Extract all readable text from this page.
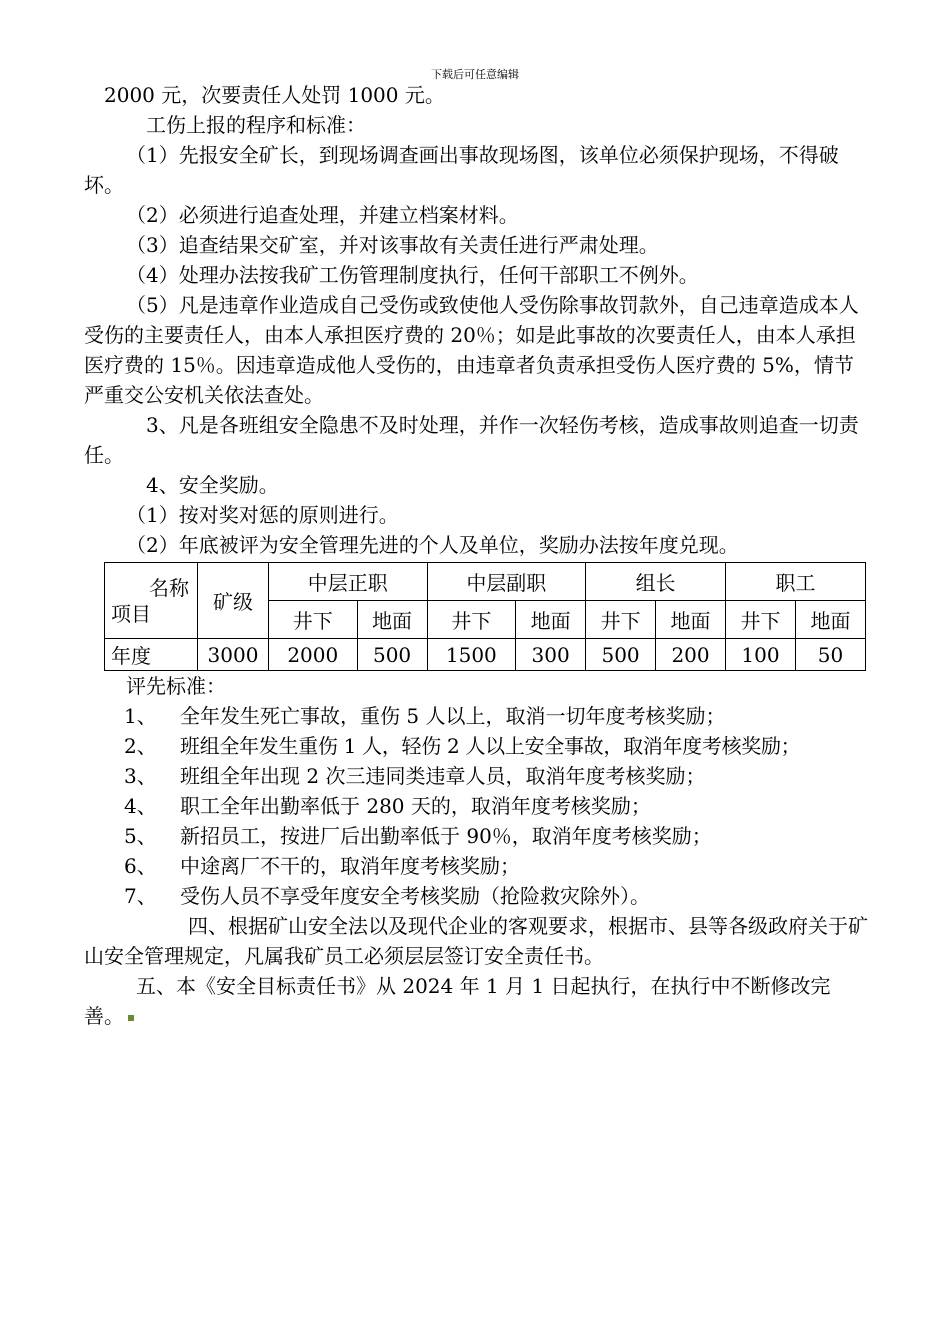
下载后可任意编辑

2000 元，次要责任人处罚 1000 元。

工伤上报的程序和标准：

（1）先报安全矿长，到现场调查画出事故现场图，该单位必须保护现场，不得破坏。

（2）必须进行追查处理，并建立档案材料。

（3）追查结果交矿室，并对该事故有关责任进行严肃处理。

（4）处理办法按我矿工伤管理制度执行，任何干部职工不例外。

（5）凡是违章作业造成自己受伤或致使他人受伤除事故罚款外，自己违章造成本人受伤的主要责任人，由本人承担医疗费的 20％；如是此事故的次要责任人，由本人承担医疗费的 15％。因违章造成他人受伤的，由违章者负责承担受伤人医疗费的 5%，情节严重交公安机关依法查处。

3、凡是各班组安全隐患不及时处理，并作一次轻伤考核，造成事故则追查一切责任。

4、安全奖励。

（1）按对奖对惩的原则进行。

（2）年底被评为安全管理先进的个人及单位，奖励办法按年度兑现。

名称
项目	矿级	中层正职		中层副职		组长		职工	
		井下	地面	井下	地面	井下	地面	井下	地面
年度	3000	2000	500	1500	300	500	200	100	50

评先标准：

1、	全年发生死亡事故，重伤 5 人以上，取消一切年度考核奖励；
2、	班组全年发生重伤 1 人，轻伤 2 人以上安全事故，取消年度考核奖励；
3、	班组全年出现 2 次三违同类违章人员，取消年度考核奖励；
4、	职工全年出勤率低于 280 天的，取消年度考核奖励；
5、	新招员工，按进厂后出勤率低于 90％，取消年度考核奖励；
6、	中途离厂不干的，取消年度考核奖励；
7、	受伤人员不享受年度安全考核奖励（抢险救灾除外）。

四、根据矿山安全法以及现代企业的客观要求，根据市、县等各级政府关于矿山安全管理规定，凡属我矿员工必须层层签订安全责任书。

五、本《安全目标责任书》从 2024 年 1 月 1 日起执行，在执行中不断修改完善。
